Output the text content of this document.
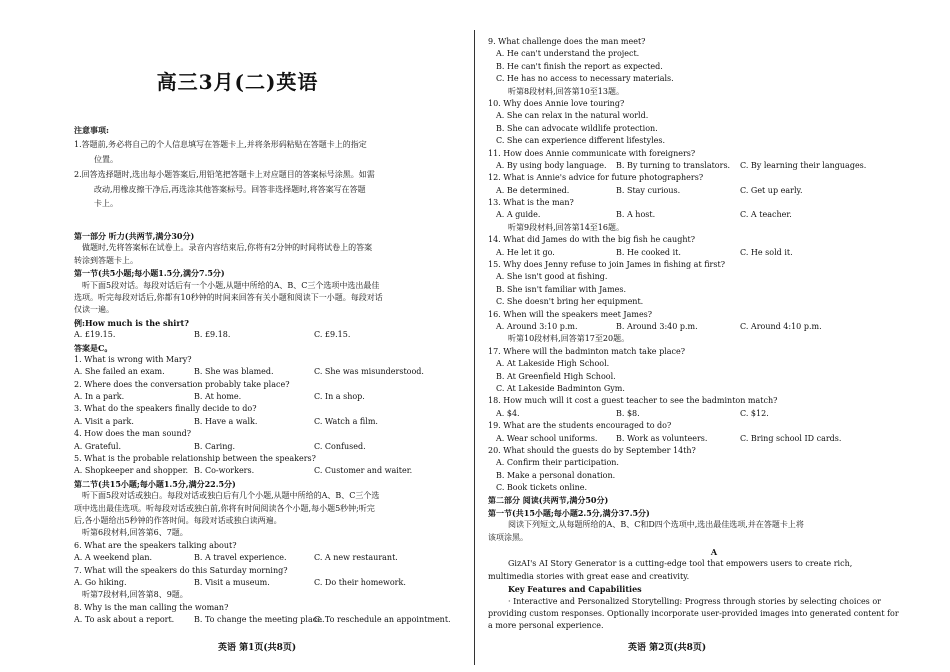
高三3月(二)英语
注意事项:
1.答题前,务必将自己的个人信息填写在答题卡上,并将条形码粘贴在答题卡上的指定
位置。
2.回答选择题时,选出每小题答案后,用铅笔把答题卡上对应题目的答案标号涂黑。如需
改动,用橡皮擦干净后,再选涂其他答案标号。回答非选择题时,将答案写在答题
卡上。
第一部分 听力(共两节,满分30分)
做题时,先将答案标在试卷上。录音内容结束后,你将有2分钟的时间将试卷上的答案
转涂到答题卡上。
第一节(共5小题;每小题1.5分,满分7.5分)
听下面5段对话。每段对话后有一个小题,从题中所给的A、B、C三个选项中选出最佳
选项。听完每段对话后,你都有10秒钟的时间来回答有关小题和阅读下一小题。每段对话
仅读一遍。
例:How much is the shirt?
A. £19.15.	B. £9.18.	C. £9.15.
答案是C。
1. What is wrong with Mary?
A. She failed an exam.	B. She was blamed.	C. She was misunderstood.
2. Where does the conversation probably take place?
A. In a park.	B. At home.	C. In a shop.
3. What do the speakers finally decide to do?
A. Visit a park.	B. Have a walk.	C. Watch a film.
4. How does the man sound?
A. Grateful.	B. Caring.	C. Confused.
5. What is the probable relationship between the speakers?
A. Shopkeeper and shopper. B. Co-workers.	C. Customer and waiter.
第二节(共15小题;每小题1.5分,满分22.5分)
听下面5段对话或独白。每段对话或独白后有几个小题,从题中所给的A、B、C三个选
项中选出最佳选项。听每段对话或独白前,你将有时间阅读各个小题,每小题5秒钟;听完
后,各小题给出5秒钟的作答时间。每段对话或独白读两遍。
听第6段材料,回答第6、7题。
6. What are the speakers talking about?
A. A weekend plan.	B. A travel experience.	C. A new restaurant.
7. What will the speakers do this Saturday morning?
A. Go hiking.	B. Visit a museum.	C. Do their homework.
听第7段材料,回答第8、9题。
8. Why is the man calling the woman?
A. To ask about a report.	B. To change the meeting place.
C. To reschedule an appointment.
英语 第1页(共8页)
9. What challenge does the man meet?
A. He can't understand the project.
B. He can't finish the report as expected.
C. He has no access to necessary materials.
听第8段材料,回答第10至13题。
10. Why does Annie love touring?
A. She can relax in the natural world.
B. She can advocate wildlife protection.
C. She can experience different lifestyles.
11. How does Annie communicate with foreigners?
A. By using body language.	B. By turning to translators.	C. By learning their languages.
12. What is Annie's advice for future photographers?
A. Be determined.	B. Stay curious.	C. Get up early.
13. What is the man?
A. A guide.	B. A host.	C. A teacher.
听第9段材料,回答第14至16题。
14. What did James do with the big fish he caught?
A. He let it go.	B. He cooked it.	C. He sold it.
15. Why does Jenny refuse to join James in fishing at first?
A. She isn't good at fishing.
B. She isn't familiar with James.
C. She doesn't bring her equipment.
16. When will the speakers meet James?
A. Around 3:10 p.m.	B. Around 3:40 p.m.	C. Around 4:10 p.m.
听第10段材料,回答第17至20题。
17. Where will the badminton match take place?
A. At Lakeside High School.
B. At Greenfield High School.
C. At Lakeside Badminton Gym.
18. How much will it cost a guest teacher to see the badminton match?
A. $4.	B. $8.	C. $12.
19. What are the students encouraged to do?
A. Wear school uniforms.	B. Work as volunteers.	C. Bring school ID cards.
20. What should the guests do by September 14th?
A. Confirm their participation.
B. Make a personal donation.
C. Book tickets online.
第二部分 阅读(共两节,满分50分)
第一节(共15小题;每小题2.5分,满分37.5分)
阅读下列短文,从每题所给的A、B、C和D四个选项中,选出最佳选项,并在答题卡上将
该项涂黑。
A
GizAI's AI Story Generator is a cutting-edge tool that empowers users to create rich,
multimedia stories with great ease and creativity.
Key Features and Capabilities
· Interactive and Personalized Storytelling: Progress through stories by selecting choices or
providing custom responses. Optionally incorporate user-provided images into generated content for
a more personal experience.
英语 第2页(共8页)
